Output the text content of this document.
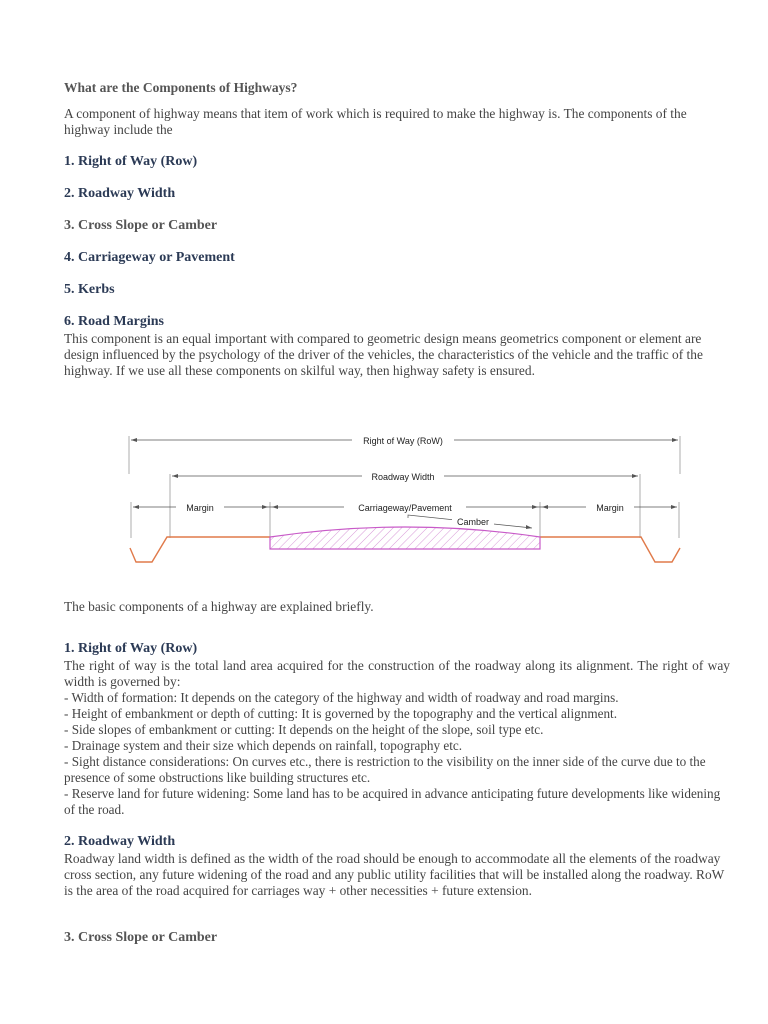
What are the Components of Highways?
A component of highway means that item of work which is required to make the highway is. The components of the highway include the
1. Right of Way (Row)
2. Roadway Width
3. Cross Slope or Camber
4. Carriageway or Pavement
5. Kerbs
6. Road Margins
This component is an equal important with compared to geometric design means geometrics component or element are design influenced by the psychology of the driver of the vehicles, the characteristics of the vehicle and the traffic of the highway. If we use all these components on skilful way, then highway safety is ensured.
Right of Way (RoW)
Roadway Width
Margin	Carriageway/Pavement	Margin
Camber
The basic components of a highway are explained briefly.
1. Right of Way (Row)
The right of way is the total land area acquired for the construction of the roadway along its alignment. The right of way width is governed by:
- Width of formation: It depends on the category of the highway and width of roadway and road margins.
- Height of embankment or depth of cutting: It is governed by the topography and the vertical alignment.
- Side slopes of embankment or cutting: It depends on the height of the slope, soil type etc.
- Drainage system and their size which depends on rainfall, topography etc.
- Sight distance considerations: On curves etc., there is restriction to the visibility on the inner side of the curve due to the presence of some obstructions like building structures etc.
- Reserve land for future widening: Some land has to be acquired in advance anticipating future developments like widening of the road.
2. Roadway Width
Roadway land width is defined as the width of the road should be enough to accommodate all the elements of the roadway cross section, any future widening of the road and any public utility facilities that will be installed along the roadway. RoW is the area of the road acquired for carriages way + other necessities + future extension.
3. Cross Slope or Camber
